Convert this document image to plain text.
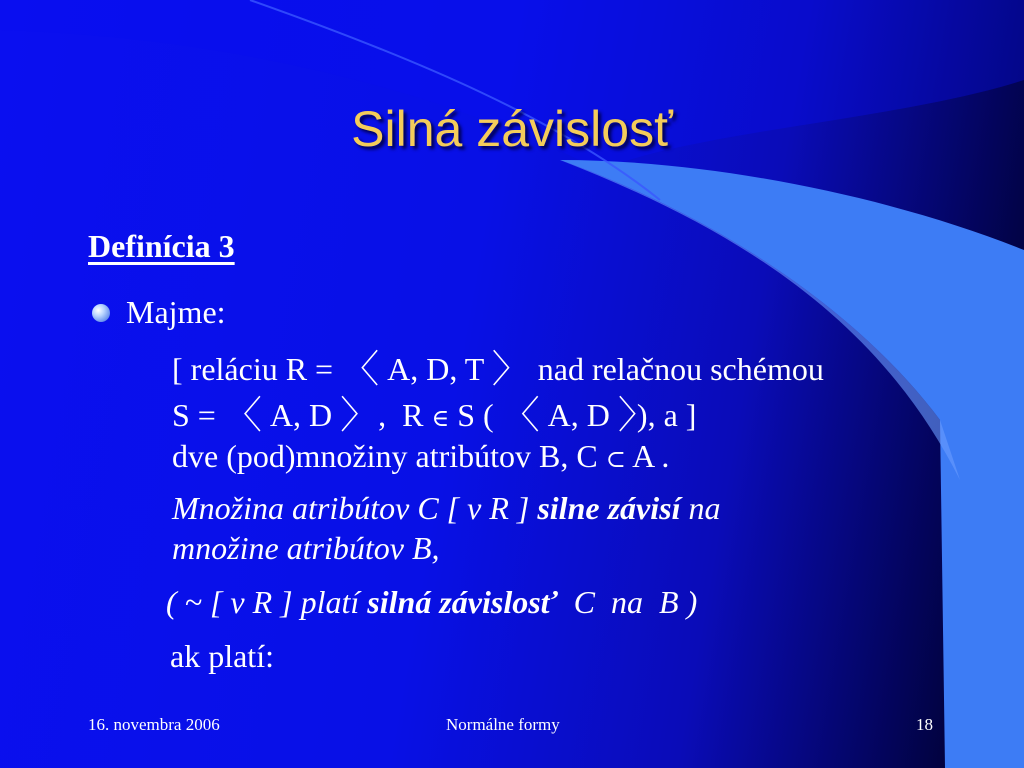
Silná závislosť
Definícia 3
Majme:
[ reláciu R = 〈 A, D, T 〉 nad relačnou schémou
S = 〈 A, D 〉, R ∈ S ( 〈 A, D 〉), a ]
dve (pod)množiny atribútov B, C ⊂ A .
Množina atribútov C [ v R ] silne závisí na
množine atribútov B,
( ~ [ v R ] platí silná závislosť  C  na  B )
ak platí:
16. novembra 2006	Normálne formy	18
